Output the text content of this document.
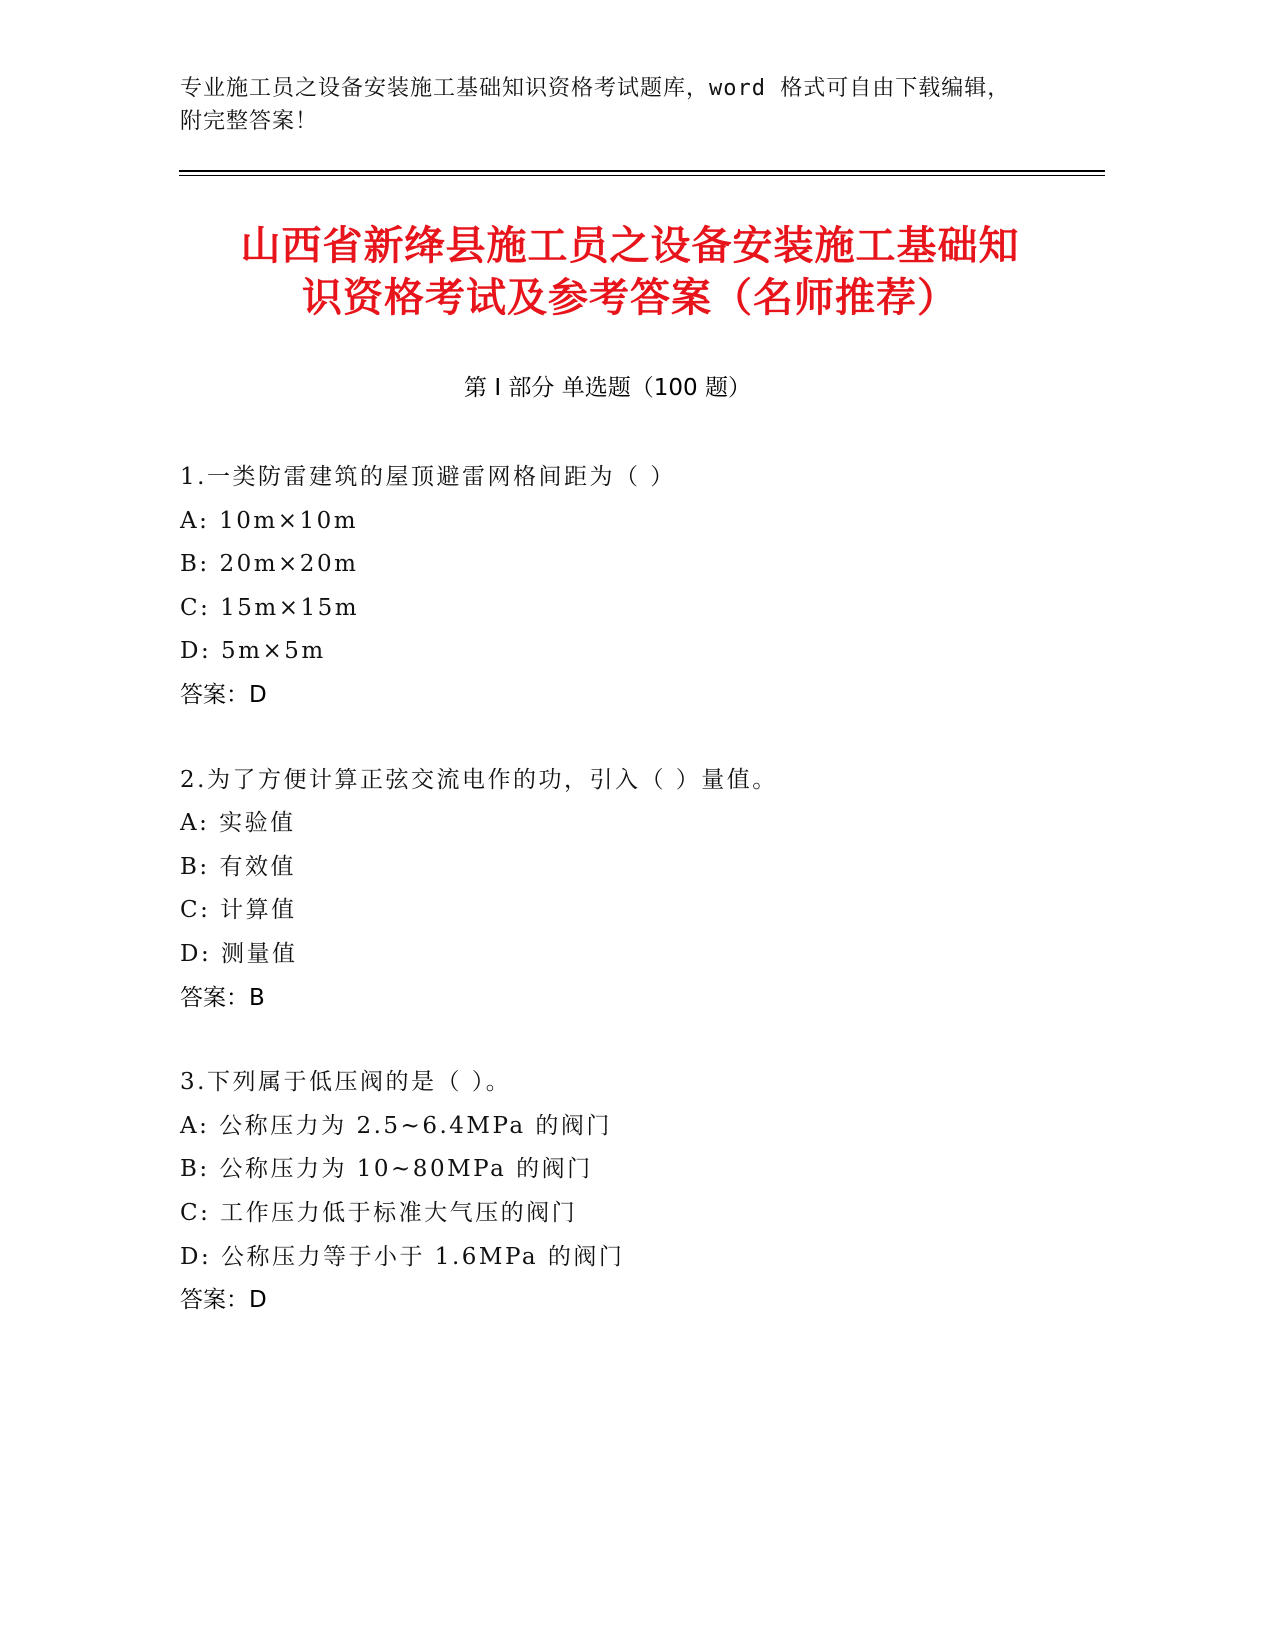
专业施工员之设备安装施工基础知识资格考试题库，word 格式可自由下载编辑，
附完整答案！
山西省新绛县施工员之设备安装施工基础知
识资格考试及参考答案（名师推荐）
第 I 部分 单选题（100 题）
1.一类防雷建筑的屋顶避雷网格间距为（ ）
A: 10m×10m
B: 20m×20m
C: 15m×15m
D: 5m×5m
答案：D
2.为了方便计算正弦交流电作的功，引入（ ）量值。
A: 实验值
B: 有效值
C: 计算值
D: 测量值
答案：B
3.下列属于低压阀的是（ ）。
A: 公称压力为 2.5~6.4MPa 的阀门
B: 公称压力为 10~80MPa 的阀门
C: 工作压力低于标准大气压的阀门
D: 公称压力等于小于 1.6MPa 的阀门
答案：D
